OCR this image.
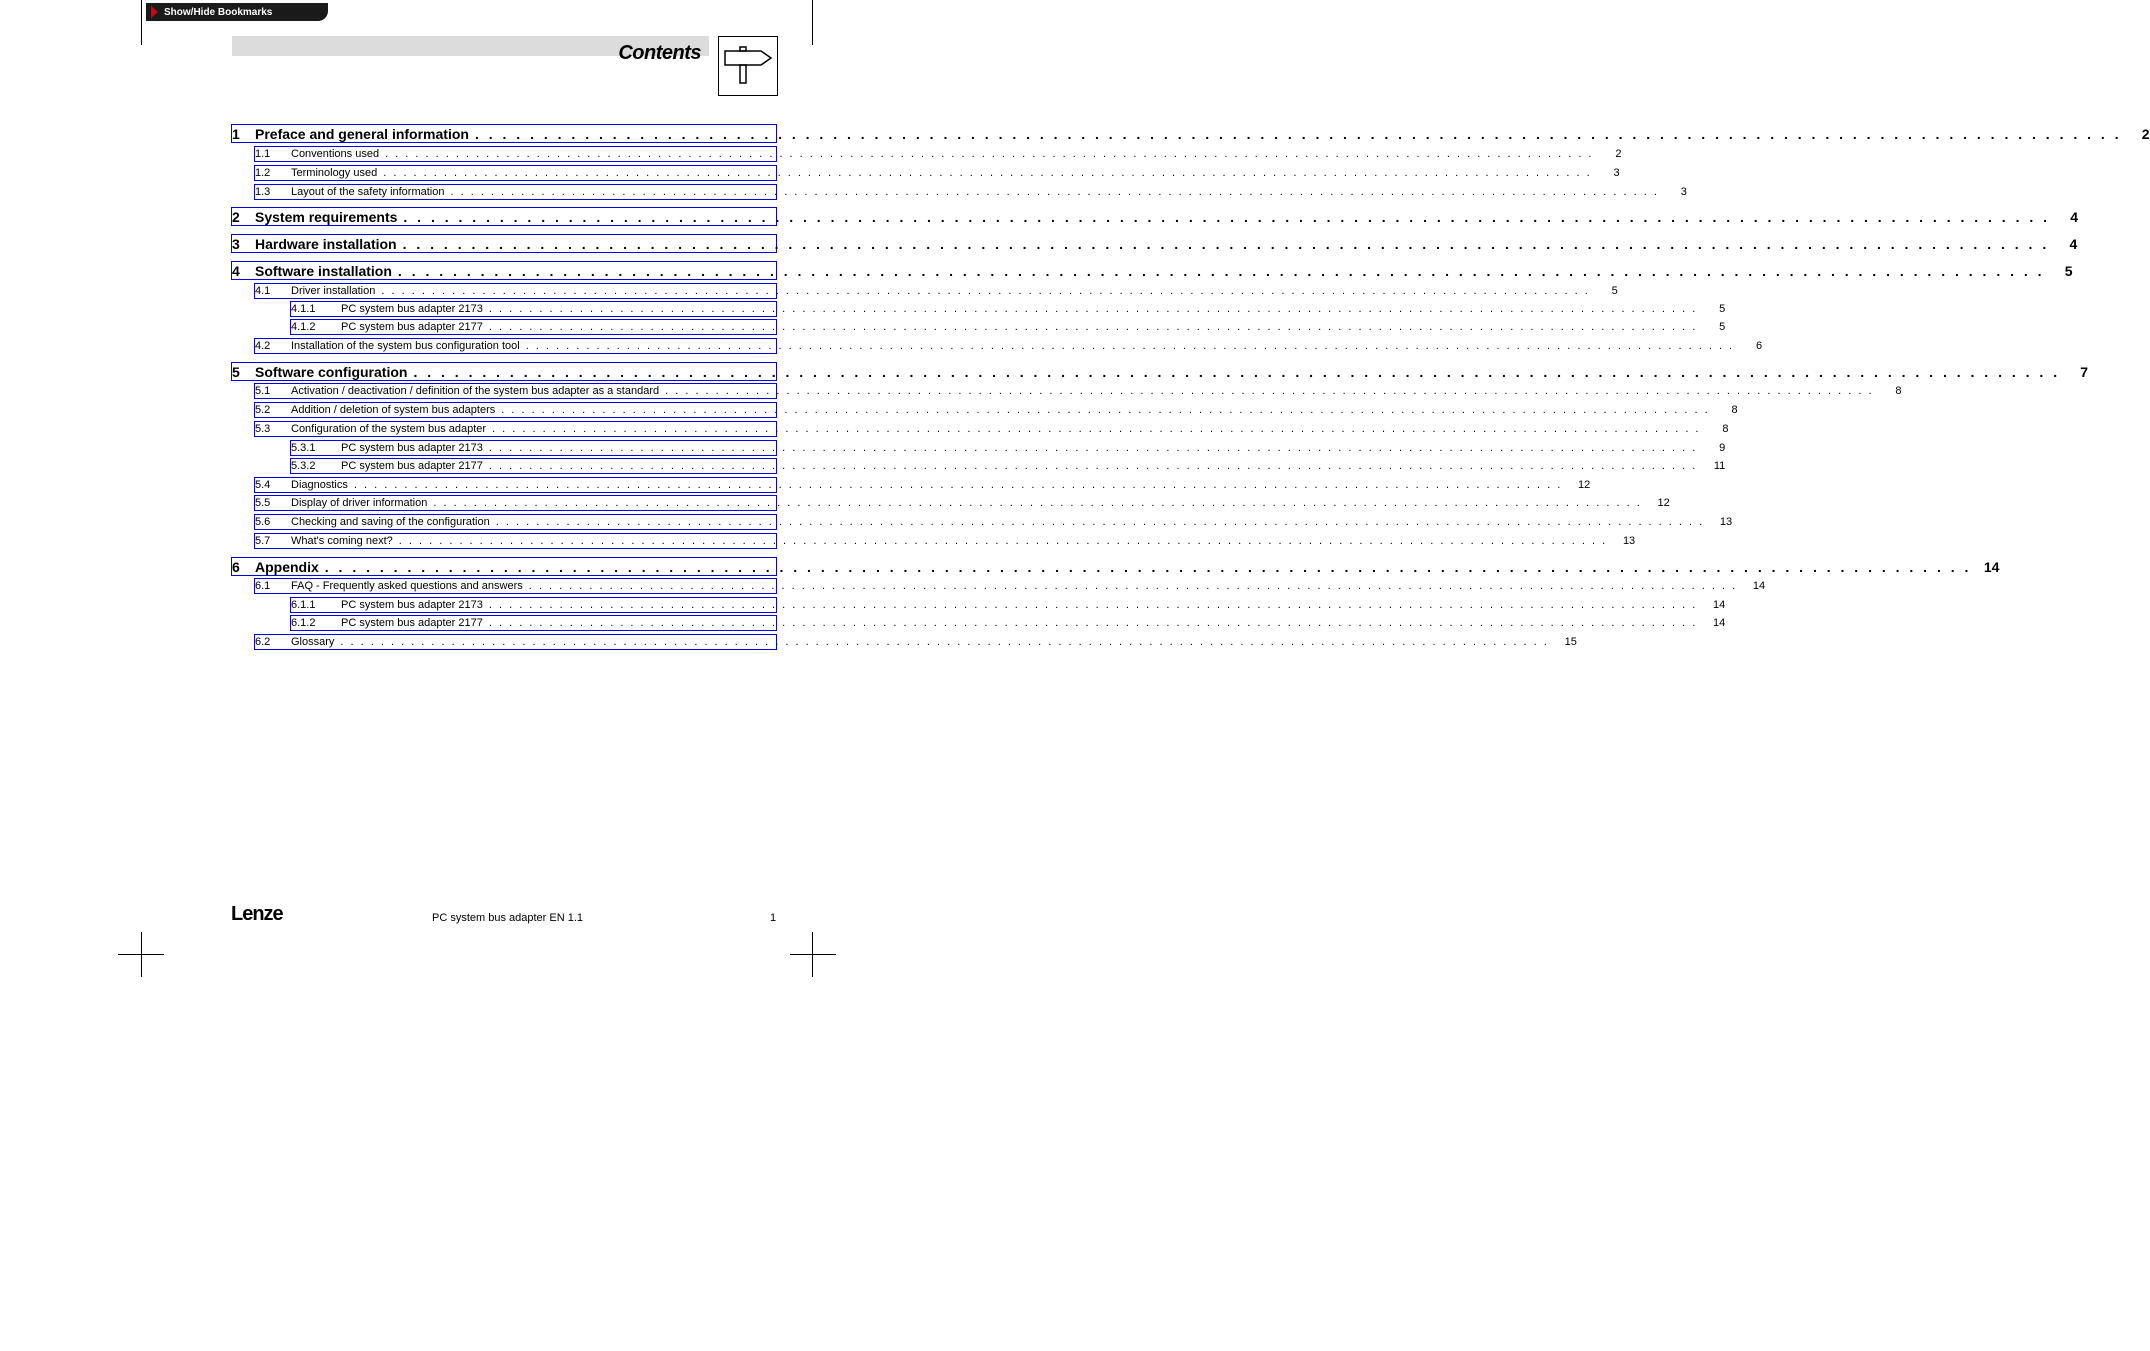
Show/Hide Bookmarks
Contents
1	Preface and general information . . . . . . . . . . . . . . . . . . . . . . . . . . . . . . . . . . . . . . . . . . . . . . . . . . . . . . . . . . . . . . . . . . . . . . . . . . . . . . . . . . . . . . . . . . . . . . . . . . . . . . . . . . . . . . . . . . . . . . . .	2
1.1	Conventions used . . . . . . . . . . . . . . . . . . . . . . . . . . . . . . . . . . . . . . . . . . . . . . . . . . . . . . . . . . . . . . . . . . . . . . . . . . . . . . . . . . . . . . . . . . . . . . . . . . . . . . . . . . . . . . . . . . . . . . . .	2
1.2	Terminology used . . . . . . . . . . . . . . . . . . . . . . . . . . . . . . . . . . . . . . . . . . . . . . . . . . . . . . . . . . . . . . . . . . . . . . . . . . . . . . . . . . . . . . . . . . . . . . . . . . . . . . . . . . . . . . . . . . . . . . . .	3
1.3	Layout of the safety information . . . . . . . . . . . . . . . . . . . . . . . . . . . . . . . . . . . . . . . . . . . . . . . . . . . . . . . . . . . . . . . . . . . . . . . . . . . . . . . . . . . . . . . . . . . . . . . . . . . . . . . . . . . . . . . . . . . . . . . .	3
2	System requirements . . . . . . . . . . . . . . . . . . . . . . . . . . . . . . . . . . . . . . . . . . . . . . . . . . . . . . . . . . . . . . . . . . . . . . . . . . . . . . . . . . . . . . . . . . . . . . . . . . . . . . . . . . . . . . . . . . . . . . . .	4
3	Hardware installation . . . . . . . . . . . . . . . . . . . . . . . . . . . . . . . . . . . . . . . . . . . . . . . . . . . . . . . . . . . . . . . . . . . . . . . . . . . . . . . . . . . . . . . . . . . . . . . . . . . . . . . . . . . . . . . . . . . . . . . .	4
4	Software installation . . . . . . . . . . . . . . . . . . . . . . . . . . . . . . . . . . . . . . . . . . . . . . . . . . . . . . . . . . . . . . . . . . . . . . . . . . . . . . . . . . . . . . . . . . . . . . . . . . . . . . . . . . . . . . . . . . . . . . . .	5
4.1	Driver installation . . . . . . . . . . . . . . . . . . . . . . . . . . . . . . . . . . . . . . . . . . . . . . . . . . . . . . . . . . . . . . . . . . . . . . . . . . . . . . . . . . . . . . . . . . . . . . . . . . . . . . . . . . . . . . . . . . . . . . . .	5
4.1.1	PC system bus adapter 2173 . . . . . . . . . . . . . . . . . . . . . . . . . . . . . . . . . . . . . . . . . . . . . . . . . . . . . . . . . . . . . . . . . . . . . . . . . . . . . . . . . . . . . . . . . . . . . . . . . . . . . . . . . . . . . . . . . . . . . . . .	5
4.1.2	PC system bus adapter 2177 . . . . . . . . . . . . . . . . . . . . . . . . . . . . . . . . . . . . . . . . . . . . . . . . . . . . . . . . . . . . . . . . . . . . . . . . . . . . . . . . . . . . . . . . . . . . . . . . . . . . . . . . . . . . . . . . . . . . . . . .	5
4.2	Installation of the system bus configuration tool . . . . . . . . . . . . . . . . . . . . . . . . . . . . . . . . . . . . . . . . . . . . . . . . . . . . . . . . . . . . . . . . . . . . . . . . . . . . . . . . . . . . . . . . . . . . . . . . . . . . . . . . . . . . . . . . . . . . . . . .	6
5	Software configuration . . . . . . . . . . . . . . . . . . . . . . . . . . . . . . . . . . . . . . . . . . . . . . . . . . . . . . . . . . . . . . . . . . . . . . . . . . . . . . . . . . . . . . . . . . . . . . . . . . . . . . . . . . . . . . . . . . . . . . . .	7
5.1	Activation / deactivation / definition of the system bus adapter as a standard . . . . . . . . . . . . . . . . . . . . . . . . . . . . . . . . . . . . . . . . . . . . . . . . . . . . . . . . . . . . . . . . . . . . . . . . . . . . . . . . . . . . . . . . . . . . . . . . . . . . . . . . . . . . . . . . . . . . . . . .	8
5.2	Addition / deletion of system bus adapters . . . . . . . . . . . . . . . . . . . . . . . . . . . . . . . . . . . . . . . . . . . . . . . . . . . . . . . . . . . . . . . . . . . . . . . . . . . . . . . . . . . . . . . . . . . . . . . . . . . . . . . . . . . . . . . . . . . . . . . .	8
5.3	Configuration of the system bus adapter . . . . . . . . . . . . . . . . . . . . . . . . . . . . . . . . . . . . . . . . . . . . . . . . . . . . . . . . . . . . . . . . . . . . . . . . . . . . . . . . . . . . . . . . . . . . . . . . . . . . . . . . . . . . . . . . . . . . . . . .	8
5.3.1	PC system bus adapter 2173 . . . . . . . . . . . . . . . . . . . . . . . . . . . . . . . . . . . . . . . . . . . . . . . . . . . . . . . . . . . . . . . . . . . . . . . . . . . . . . . . . . . . . . . . . . . . . . . . . . . . . . . . . . . . . . . . . . . . . . . .	9
5.3.2	PC system bus adapter 2177 . . . . . . . . . . . . . . . . . . . . . . . . . . . . . . . . . . . . . . . . . . . . . . . . . . . . . . . . . . . . . . . . . . . . . . . . . . . . . . . . . . . . . . . . . . . . . . . . . . . . . . . . . . . . . . . . . . . . . . . .	11
5.4	Diagnostics . . . . . . . . . . . . . . . . . . . . . . . . . . . . . . . . . . . . . . . . . . . . . . . . . . . . . . . . . . . . . . . . . . . . . . . . . . . . . . . . . . . . . . . . . . . . . . . . . . . . . . . . . . . . . . . . . . . . . . . .	12
5.5	Display of driver information . . . . . . . . . . . . . . . . . . . . . . . . . . . . . . . . . . . . . . . . . . . . . . . . . . . . . . . . . . . . . . . . . . . . . . . . . . . . . . . . . . . . . . . . . . . . . . . . . . . . . . . . . . . . . . . . . . . . . . . .	12
5.6	Checking and saving of the configuration . . . . . . . . . . . . . . . . . . . . . . . . . . . . . . . . . . . . . . . . . . . . . . . . . . . . . . . . . . . . . . . . . . . . . . . . . . . . . . . . . . . . . . . . . . . . . . . . . . . . . . . . . . . . . . . . . . . . . . . .	13
5.7	What's coming next? . . . . . . . . . . . . . . . . . . . . . . . . . . . . . . . . . . . . . . . . . . . . . . . . . . . . . . . . . . . . . . . . . . . . . . . . . . . . . . . . . . . . . . . . . . . . . . . . . . . . . . . . . . . . . . . . . . . . . . . .	13
6	Appendix . . . . . . . . . . . . . . . . . . . . . . . . . . . . . . . . . . . . . . . . . . . . . . . . . . . . . . . . . . . . . . . . . . . . . . . . . . . . . . . . . . . . . . . . . . . . . . . . . . . . . . . . . . . . . . . . . . . . . . . . 14
6.1	FAQ - Frequently asked questions and answers . . . . . . . . . . . . . . . . . . . . . . . . . . . . . . . . . . . . . . . . . . . . . . . . . . . . . . . . . . . . . . . . . . . . . . . . . . . . . . . . . . . . . . . . . . . . . . . . . . . . . . . . . . . . . . . . . . . . . . . .	14
6.1.1	PC system bus adapter 2173 . . . . . . . . . . . . . . . . . . . . . . . . . . . . . . . . . . . . . . . . . . . . . . . . . . . . . . . . . . . . . . . . . . . . . . . . . . . . . . . . . . . . . . . . . . . . . . . . . . . . . . . . . . . . . . . . . . . . . . . .	14
6.1.2	PC system bus adapter 2177 . . . . . . . . . . . . . . . . . . . . . . . . . . . . . . . . . . . . . . . . . . . . . . . . . . . . . . . . . . . . . . . . . . . . . . . . . . . . . . . . . . . . . . . . . . . . . . . . . . . . . . . . . . . . . . . . . . . . . . . .	14
6.2	Glossary . . . . . . . . . . . . . . . . . . . . . . . . . . . . . . . . . . . . . . . . . . . . . . . . . . . . . . . . . . . . . . . . . . . . . . . . . . . . . . . . . . . . . . . . . . . . . . . . . . . . . . . . . . . . . . . . . . . . . . . .	15
Lenze	PC system bus adapter EN 1.1	1
